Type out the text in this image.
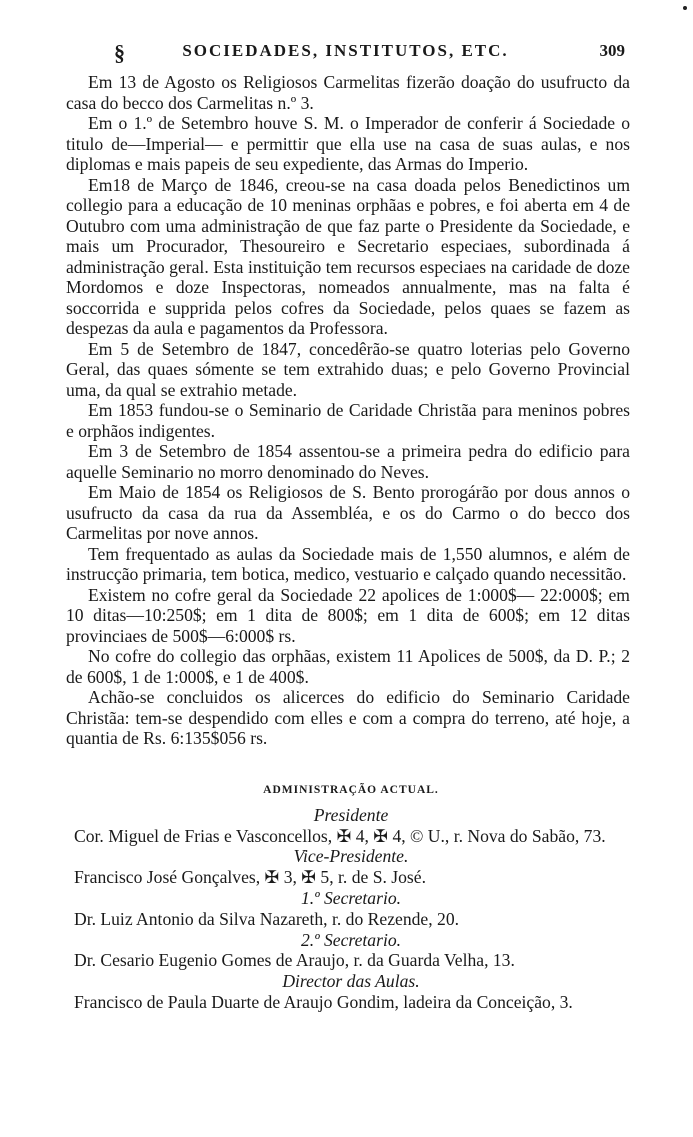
§	SOCIEDADES, INSTITUTOS, ETC.	309

Em 13 de Agosto os Religiosos Carmelitas fizerão doação do usufructo da casa do becco dos Carmelitas n.º 3.

Em o 1.º de Setembro houve S. M. o Imperador de conferir á Sociedade o titulo de—Imperial— e permittir que ella use na casa de suas aulas, e nos diplomas e mais papeis de seu expediente, das Armas do Imperio.

Em18 de Março de 1846, creou-se na casa doada pelos Benedictinos um collegio para a educação de 10 meninas orphãas e pobres, e foi aberta em 4 de Outubro com uma administração de que faz parte o Presidente da Sociedade, e mais um Procurador, Thesoureiro e Secretario especiaes, subordinada á administração geral. Esta instituição tem recursos especiaes na caridade de doze Mordomos e doze Inspectoras, nomeados annualmente, mas na falta é soccorrida e supprida pelos cofres da Sociedade, pelos quaes se fazem as despezas da aula e pagamentos da Professora.

Em 5 de Setembro de 1847, concedêrão-se quatro loterias pelo Governo Geral, das quaes sómente se tem extrahido duas; e pelo Governo Provincial uma, da qual se extrahio metade.

Em 1853 fundou-se o Seminario de Caridade Christãa para meninos pobres e orphãos indigentes.

Em 3 de Setembro de 1854 assentou-se a primeira pedra do edificio para aquelle Seminario no morro denominado do Neves.

Em Maio de 1854 os Religiosos de S. Bento prorogárão por dous annos o usufructo da casa da rua da Assembléa, e os do Carmo o do becco dos Carmelitas por nove annos.

Tem frequentado as aulas da Sociedade mais de 1,550 alumnos, e além de instrucção primaria, tem botica, medico, vestuario e calçado quando necessitão.

Existem no cofre geral da Sociedade 22 apolices de 1:000$— 22:000$; em 10 ditas—10:250$; em 1 dita de 800$; em 1 dita de 600$; em 12 ditas provinciaes de 500$—6:000$ rs.

No cofre do collegio das orphãas, existem 11 Apolices de 500$, da D. P.; 2 de 600$, 1 de 1:000$, e 1 de 400$.

Achão-se concluidos os alicerces do edificio do Seminario Caridade Christãa: tem-se despendido com elles e com a compra do terreno, até hoje, a quantia de Rs. 6:135$056 rs.

ADMINISTRAÇÃO ACTUAL.
Presidente
Cor. Miguel de Frias e Vasconcellos, ✠ 4, ✠ 4, © U., r. Nova do Sabão, 73.
Vice-Presidente.
Francisco José Gonçalves, ✠ 3, ✠ 5, r. de S. José.
1.º Secretario.
Dr. Luiz Antonio da Silva Nazareth, r. do Rezende, 20.
2.º Secretario.
Dr. Cesario Eugenio Gomes de Araujo, r. da Guarda Velha, 13.
Director das Aulas.
Francisco de Paula Duarte de Araujo Gondim, ladeira da Conceição, 3.
